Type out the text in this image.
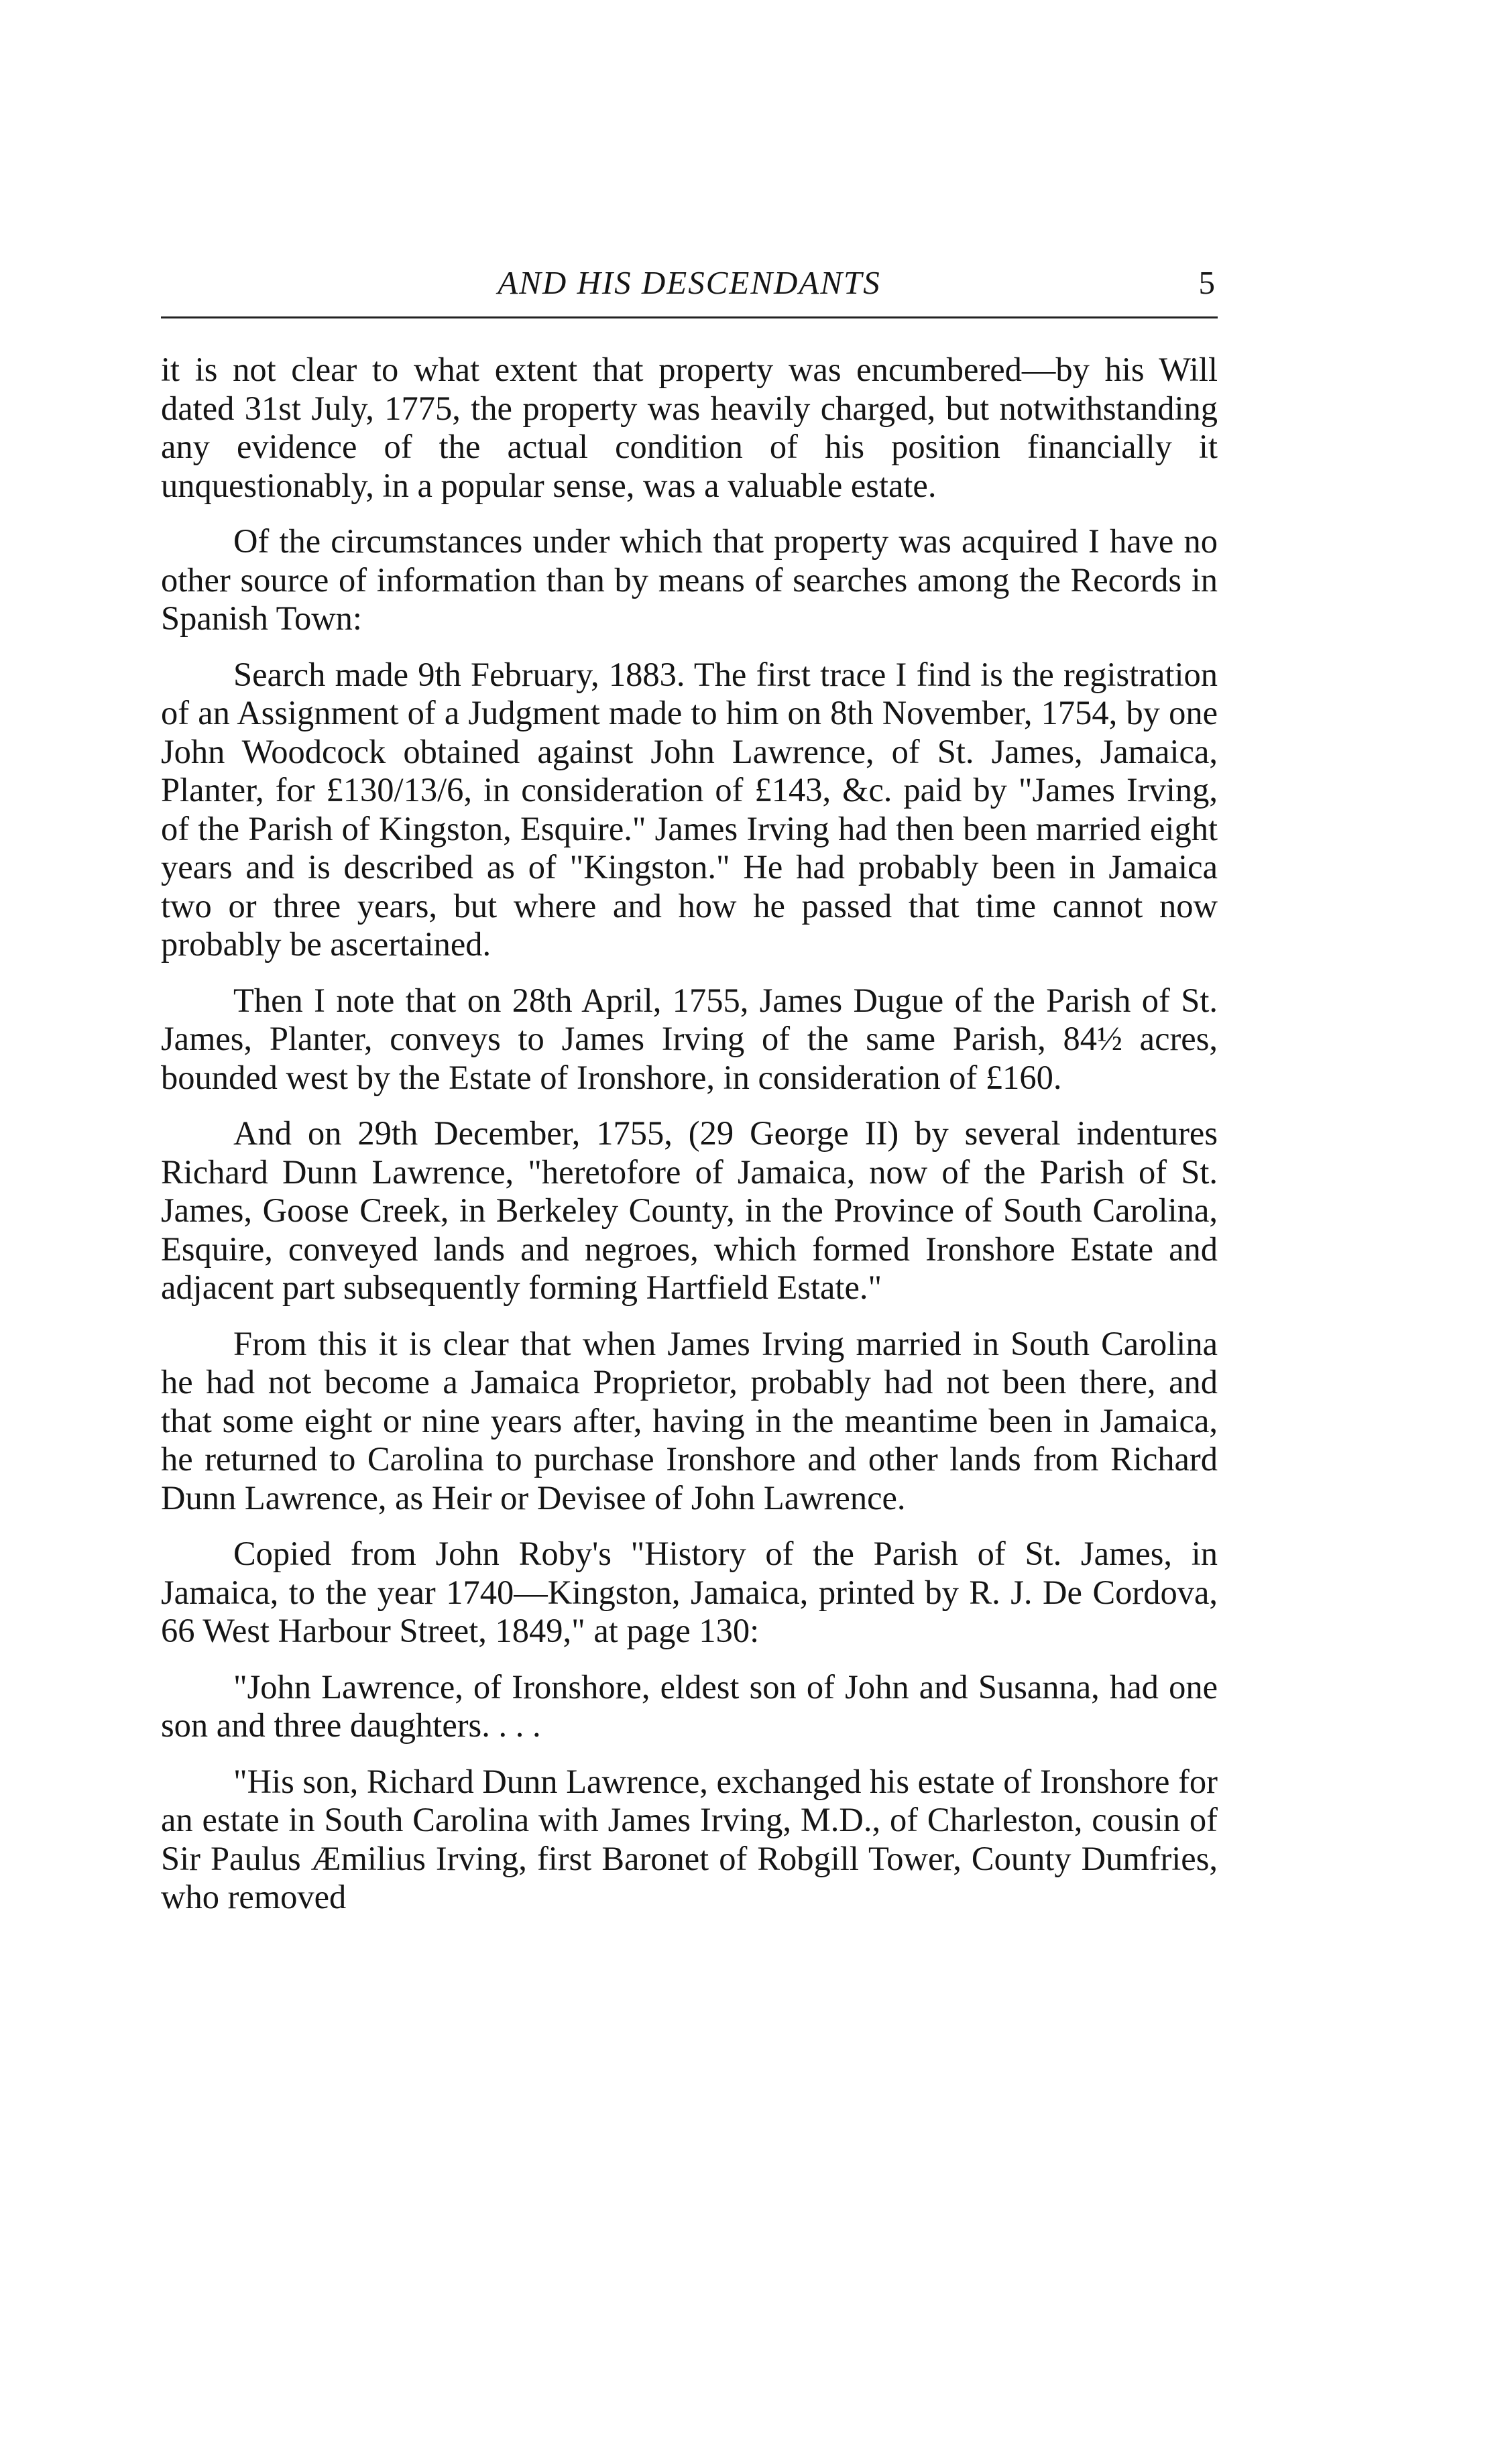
AND HIS DESCENDANTS	5

it is not clear to what extent that property was encumbered—by his Will dated 31st July, 1775, the property was heavily charged, but notwithstanding any evidence of the actual condition of his position financially it unquestionably, in a popular sense, was a valuable estate.

Of the circumstances under which that property was acquired I have no other source of information than by means of searches among the Records in Spanish Town:

Search made 9th February, 1883. The first trace I find is the registration of an Assignment of a Judgment made to him on 8th November, 1754, by one John Woodcock obtained against John Lawrence, of St. James, Jamaica, Planter, for £130/13/6, in consideration of £143, &c. paid by "James Irving, of the Parish of Kingston, Esquire." James Irving had then been married eight years and is described as of "Kingston." He had probably been in Jamaica two or three years, but where and how he passed that time cannot now probably be ascertained.

Then I note that on 28th April, 1755, James Dugue of the Parish of St. James, Planter, conveys to James Irving of the same Parish, 84½ acres, bounded west by the Estate of Ironshore, in consideration of £160.

And on 29th December, 1755, (29 George II) by several indentures Richard Dunn Lawrence, "heretofore of Jamaica, now of the Parish of St. James, Goose Creek, in Berkeley County, in the Province of South Carolina, Esquire, conveyed lands and negroes, which formed Ironshore Estate and adjacent part subsequently forming Hartfield Estate."

From this it is clear that when James Irving married in South Carolina he had not become a Jamaica Proprietor, probably had not been there, and that some eight or nine years after, having in the meantime been in Jamaica, he returned to Carolina to purchase Ironshore and other lands from Richard Dunn Lawrence, as Heir or Devisee of John Lawrence.

Copied from John Roby's "History of the Parish of St. James, in Jamaica, to the year 1740—Kingston, Jamaica, printed by R. J. De Cordova, 66 West Harbour Street, 1849," at page 130:

"John Lawrence, of Ironshore, eldest son of John and Susanna, had one son and three daughters. . . .

"His son, Richard Dunn Lawrence, exchanged his estate of Ironshore for an estate in South Carolina with James Irving, M.D., of Charleston, cousin of Sir Paulus Æmilius Irving, first Baronet of Robgill Tower, County Dumfries, who removed
